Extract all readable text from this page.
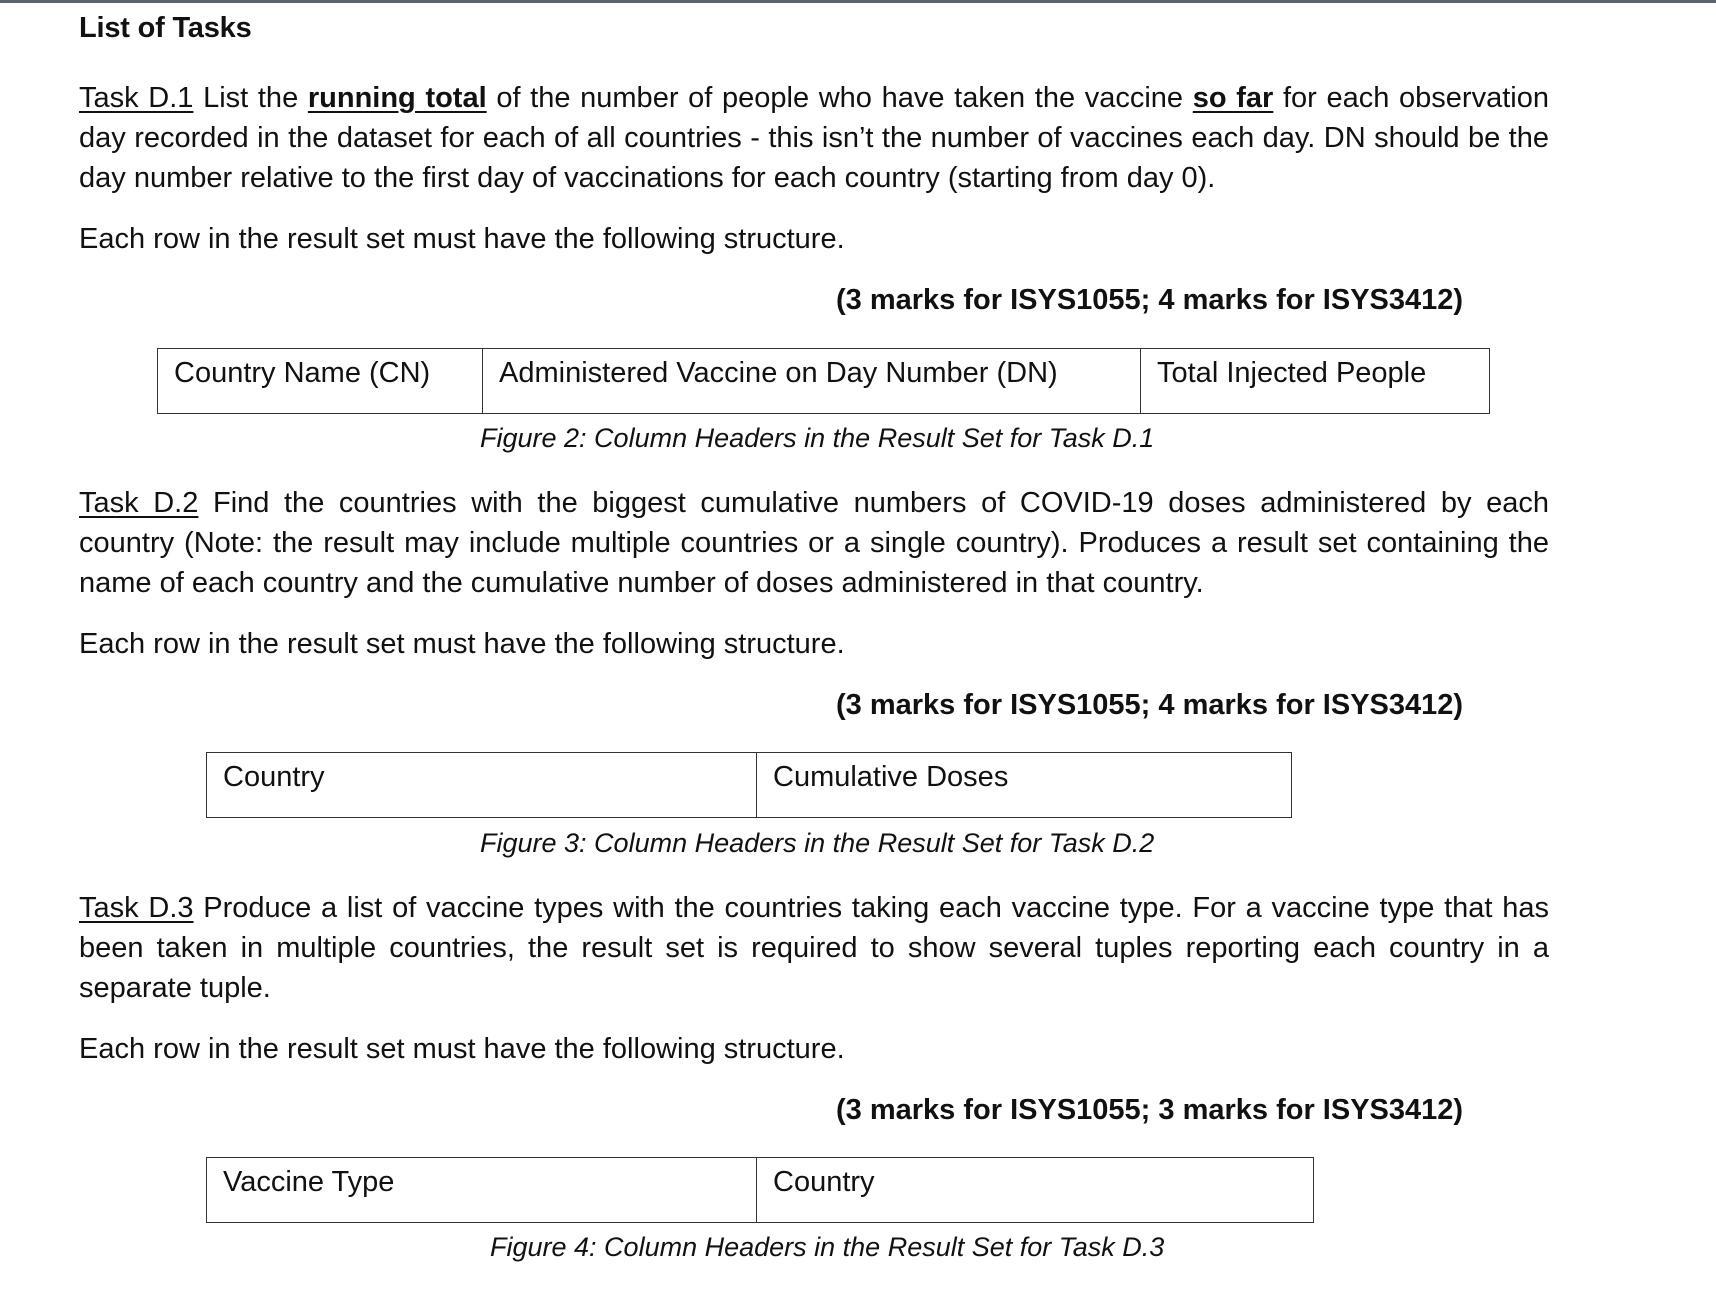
List of Tasks

Task D.1 List the running total of the number of people who have taken the vaccine so far for each observation day recorded in the dataset for each of all countries - this isn’t the number of vaccines each day. DN should be the day number relative to the first day of vaccinations for each country (starting from day 0).

Each row in the result set must have the following structure.

(3 marks for ISYS1055; 4 marks for ISYS3412)

Country Name (CN)	Administered Vaccine on Day Number (DN)	Total Injected People

Figure 2: Column Headers in the Result Set for Task D.1

Task D.2 Find the countries with the biggest cumulative numbers of COVID-19 doses administered by each country (Note: the result may include multiple countries or a single country). Produces a result set containing the name of each country and the cumulative number of doses administered in that country.

Each row in the result set must have the following structure.

(3 marks for ISYS1055; 4 marks for ISYS3412)

Country	Cumulative Doses

Figure 3: Column Headers in the Result Set for Task D.2

Task D.3 Produce a list of vaccine types with the countries taking each vaccine type. For a vaccine type that has been taken in multiple countries, the result set is required to show several tuples reporting each country in a separate tuple.

Each row in the result set must have the following structure.

(3 marks for ISYS1055; 3 marks for ISYS3412)

Vaccine Type	Country

Figure 4: Column Headers in the Result Set for Task D.3
